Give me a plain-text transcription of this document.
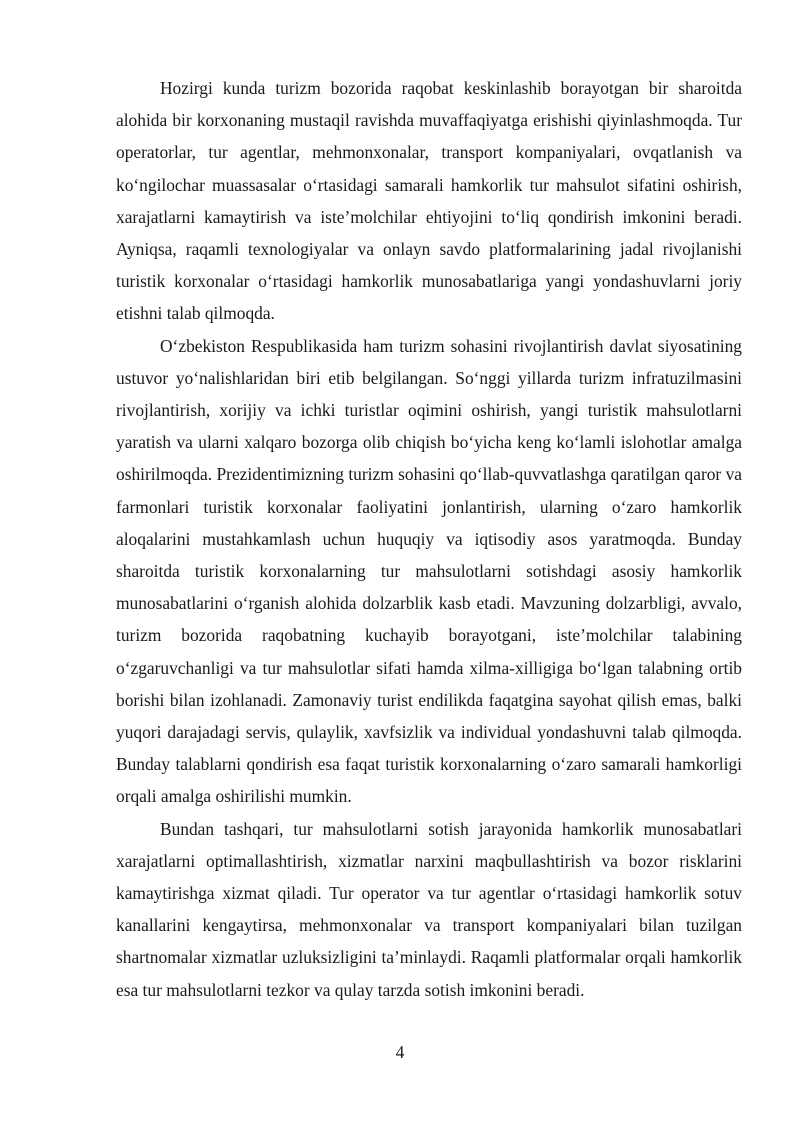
Hozirgi kunda turizm bozorida raqobat keskinlashib borayotgan bir sharoitda alohida bir korxonaning mustaqil ravishda muvaffaqiyatga erishishi qiyinlashmoqda. Tur operatorlar, tur agentlar, mehmonxonalar, transport kompaniyalari, ovqatlanish va koʻngilochar muassasalar oʻrtasidagi samarali hamkorlik tur mahsulot sifatini oshirish, xarajatlarni kamaytirish va isteʼmolchilar ehtiyojini toʻliq qondirish imkonini beradi. Ayniqsa, raqamli texnologiyalar va onlayn savdo platformalarining jadal rivojlanishi turistik korxonalar oʻrtasidagi hamkorlik munosabatlariga yangi yondashuvlarni joriy etishni talab qilmoqda.

Oʻzbekiston Respublikasida ham turizm sohasini rivojlantirish davlat siyosatining ustuvor yoʻnalishlaridan biri etib belgilangan. Soʻnggi yillarda turizm infratuzilmasini rivojlantirish, xorijiy va ichki turistlar oqimini oshirish, yangi turistik mahsulotlarni yaratish va ularni xalqaro bozorga olib chiqish boʻyicha keng koʻlamli islohotlar amalga oshirilmoqda. Prezidentimizning turizm sohasini qoʻllab-quvvatlashga qaratilgan qaror va farmonlari turistik korxonalar faoliyatini jonlantirish, ularning oʻzaro hamkorlik aloqalarini mustahkamlash uchun huquqiy va iqtisodiy asos yaratmoqda. Bunday sharoitda turistik korxonalarning tur mahsulotlarni sotishdagi asosiy hamkorlik munosabatlarini oʻrganish alohida dolzarblik kasb etadi. Mavzuning dolzarbligi, avvalo, turizm bozorida raqobatning kuchayib borayotgani, isteʼmolchilar talabining oʻzgaruvchanligi va tur mahsulotlar sifati hamda xilma-xilligiga boʻlgan talabning ortib borishi bilan izohlanadi. Zamonaviy turist endilikda faqatgina sayohat qilish emas, balki yuqori darajadagi servis, qulaylik, xavfsizlik va individual yondashuvni talab qilmoqda. Bunday talablarni qondirish esa faqat turistik korxonalarning oʻzaro samarali hamkorligi orqali amalga oshirilishi mumkin.

Bundan tashqari, tur mahsulotlarni sotish jarayonida hamkorlik munosabatlari xarajatlarni optimallashtirish, xizmatlar narxini maqbullashtirish va bozor risklarini kamaytirishga xizmat qiladi. Tur operator va tur agentlar oʻrtasidagi hamkorlik sotuv kanallarini kengaytirsa, mehmonxonalar va transport kompaniyalari bilan tuzilgan shartnomalar xizmatlar uzluksizligini taʼminlaydi. Raqamli platformalar orqali hamkorlik esa tur mahsulotlarni tezkor va qulay tarzda sotish imkonini beradi.

4
